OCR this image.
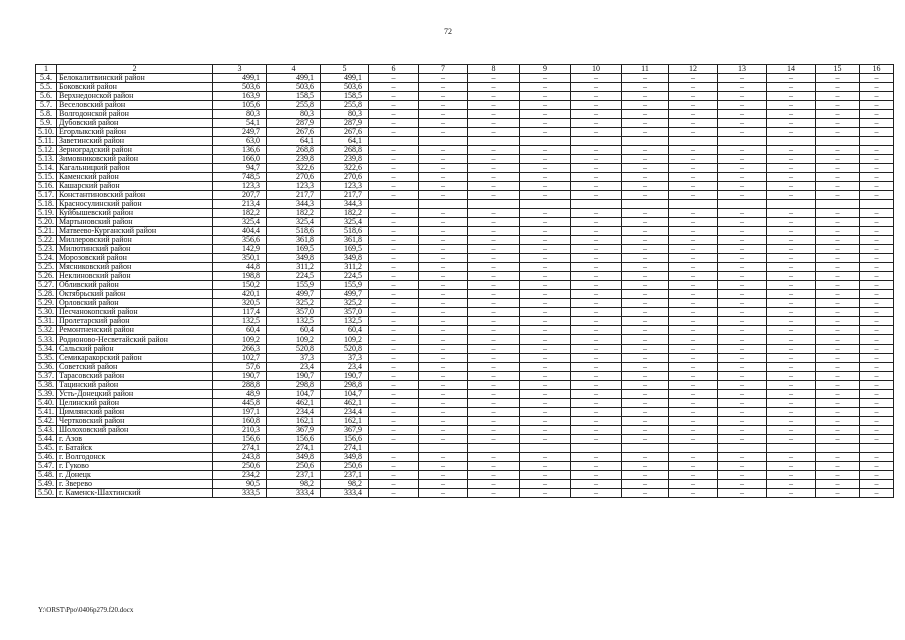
72
1	2	3	4	5	6	7	8	9	10	11	12	13	14	15	16
5.4.	Белокалитвинский район	499,1	499,1	499,1	–	–	–	–	–	–	–	–	–	–	–
5.5.	Боковский район	503,6	503,6	503,6	–	–	–	–	–	–	–	–	–	–	–
5.6.	Верхнедонской район	163,9	158,5	158,5	–	–	–	–	–	–	–	–	–	–	–
5.7.	Веселовский район	105,6	255,8	255,8	–	–	–	–	–	–	–	–	–	–	–
5.8.	Волгодонской район	80,3	80,3	80,3	–	–	–	–	–	–	–	–	–	–	–
5.9.	Дубовский район	54,1	287,9	287,9	–	–	–	–	–	–	–	–	–	–	–
5.10.	Егорлыкский район	249,7	267,6	267,6	–	–	–	–	–	–	–	–	–	–	–
5.11.	Заветинский район	63,0	64,1	64,1											
5.12.	Зерноградский район	136,6	268,8	268,8	–	–	–	–	–	–	–	–	–	–	–
5.13.	Зимовниковский район	166,0	239,8	239,8	–	–	–	–	–	–	–	–	–	–	–
5.14.	Кагальницкий район	94,7	322,6	322,6	–	–	–	–	–	–	–	–	–	–	–
5.15.	Каменский район	748,5	270,6	270,6	–	–	–	–	–	–	–	–	–	–	–
5.16.	Кашарский район	123,3	123,3	123,3	–	–	–	–	–	–	–	–	–	–	–
5.17.	Константиновский район	207,7	217,7	217,7	–	–	–	–	–	–	–	–	–	–	–
5.18.	Красносулинский район	213,4	344,3	344,3											
5.19.	Куйбышевский район	182,2	182,2	182,2	–	–	–	–	–	–	–	–	–	–	–
5.20.	Мартыновский район	325,4	325,4	325,4	–	–	–	–	–	–	–	–	–	–	–
5.21.	Матвеево-Курганский район	404,4	518,6	518,6	–	–	–	–	–	–	–	–	–	–	–
5.22.	Миллеровский район	356,6	361,8	361,8	–	–	–	–	–	–	–	–	–	–	–
5.23.	Милютинский район	142,9	169,5	169,5	–	–	–	–	–	–	–	–	–	–	–
5.24.	Морозовский район	350,1	349,8	349,8	–	–	–	–	–	–	–	–	–	–	–
5.25.	Мясниковский район	44,8	311,2	311,2	–	–	–	–	–	–	–	–	–	–	–
5.26.	Неклиновский район	198,8	224,5	224,5	–	–	–	–	–	–	–	–	–	–	–
5.27.	Обливский район	150,2	155,9	155,9	–	–	–	–	–	–	–	–	–	–	–
5.28.	Октябрьский район	420,1	499,7	499,7	–	–	–	–	–	–	–	–	–	–	–
5.29.	Орловский район	320,5	325,2	325,2	–	–	–	–	–	–	–	–	–	–	–
5.30.	Песчанокопский район	117,4	357,0	357,0	–	–	–	–	–	–	–	–	–	–	–
5.31.	Пролетарский район	132,5	132,5	132,5	–	–	–	–	–	–	–	–	–	–	–
5.32.	Ремонтненский район	60,4	60,4	60,4	–	–	–	–	–	–	–	–	–	–	–
5.33.	Родионово-Несветайский район	109,2	109,2	109,2	–	–	–	–	–	–	–	–	–	–	–
5.34.	Сальский район	266,3	520,8	520,8	–	–	–	–	–	–	–	–	–	–	–
5.35.	Семикаракорский район	102,7	37,3	37,3	–	–	–	–	–	–	–	–	–	–	–
5.36.	Советский район	57,6	23,4	23,4	–	–	–	–	–	–	–	–	–	–	–
5.37.	Тарасовский район	190,7	190,7	190,7	–	–	–	–	–	–	–	–	–	–	–
5.38.	Тацинский район	288,8	298,8	298,8	–	–	–	–	–	–	–	–	–	–	–
5.39.	Усть-Донецкий район	48,9	104,7	104,7	–	–	–	–	–	–	–	–	–	–	–
5.40.	Целинский район	445,8	462,1	462,1	–	–	–	–	–	–	–	–	–	–	–
5.41.	Цимлянский район	197,1	234,4	234,4	–	–	–	–	–	–	–	–	–	–	–
5.42.	Чертковский район	160,8	162,1	162,1	–	–	–	–	–	–	–	–	–	–	–
5.43.	Шолоховский район	210,3	367,9	367,9	–	–	–	–	–	–	–	–	–	–	–
5.44.	г. Азов	156,6	156,6	156,6	–	–	–	–	–	–	–	–	–	–	–
5.45.	г. Батайск	274,1	274,1	274,1											
5.46.	г. Волгодонск	243,8	349,8	349,8	–	–	–	–	–	–	–	–	–	–	–
5.47.	г. Гуково	250,6	250,6	250,6	–	–	–	–	–	–	–	–	–	–	–
5.48.	г. Донецк	234,2	237,1	237,1	–	–	–	–	–	–	–	–	–	–	–
5.49.	г. Зверево	90,5	98,2	98,2	–	–	–	–	–	–	–	–	–	–	–
5.50.	г. Каменск-Шахтинский	333,5	333,4	333,4	–	–	–	–	–	–	–	–	–	–	–
Y:\ORST\Ppo\0406p279.f20.docx
